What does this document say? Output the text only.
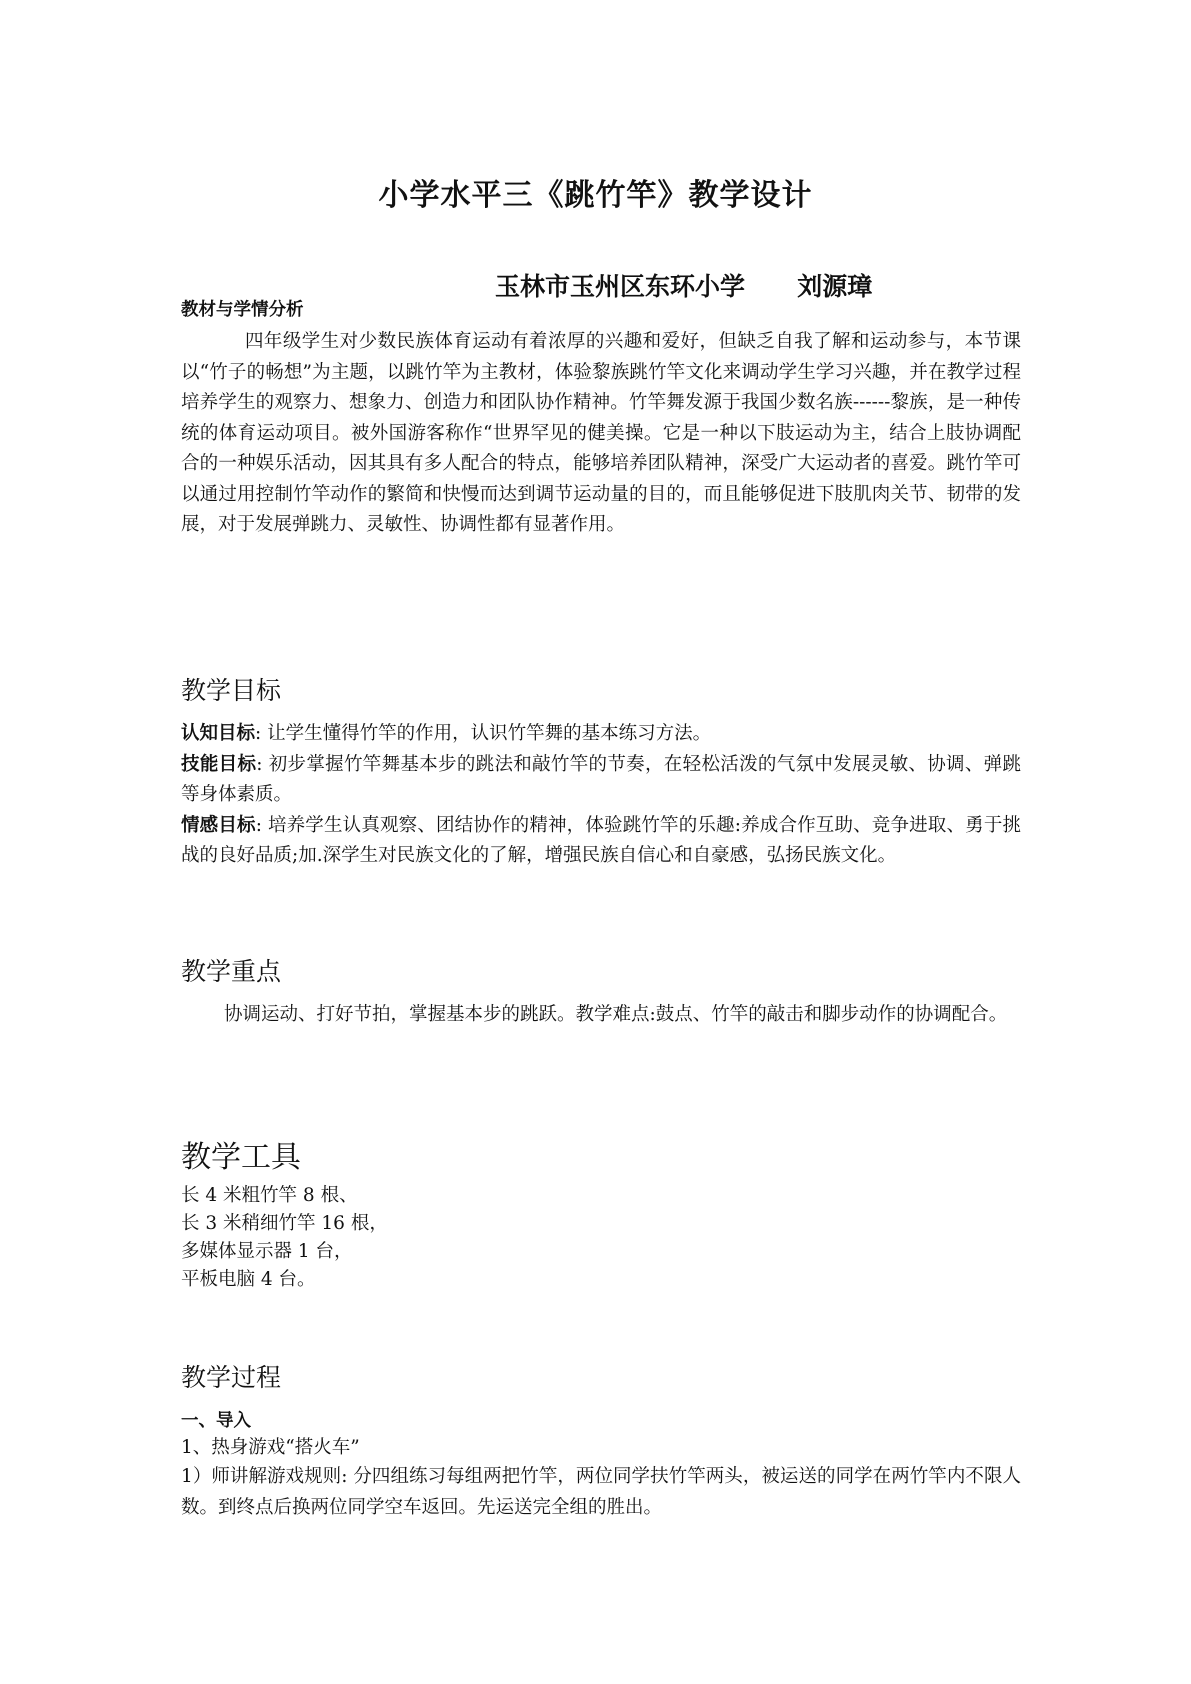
小学水平三《跳竹竿》教学设计
玉林市玉州区东环小学      刘源璋
教材与学情分析
四年级学生对少数民族体育运动有着浓厚的兴趣和爱好，但缺乏自我了解和运动参与，本节课 以“竹子的畅想”为主题，以跳竹竿为主教材，体验黎族跳竹竿文化来调动学生学习兴趣，并在教学过程培养学生的观察力、想象力、创造力和团队协作精神。竹竿舞发源于我国少数名族------黎族，是一种传统的体育运动项目。被外国游客称作“世界罕见的健美操。它是一种以下肢运动为主，结合上肢协调配合的一种娱乐活动，因其具有多人配合的特点，能够培养团队精神，深受广大运动者的喜爱。跳竹竿可以通过用控制竹竿动作的繁简和快慢而达到调节运动量的目的，而且能够促进下肢肌肉关节、韧带的发展，对于发展弹跳力、灵敏性、协调性都有显著作用。
教学目标
认知目标: 让学生懂得竹竿的作用，认识竹竿舞的基本练习方法。
技能目标: 初步掌握竹竿舞基本步的跳法和敲竹竿的节奏，在轻松活泼的气氛中发展灵敏、协调、弹跳等身体素质。
情感目标: 培养学生认真观察、团结协作的精神，体验跳竹竿的乐趣:养成合作互助、竞争进取、勇于挑战的良好品质;加.深学生对民族文化的了解，增强民族自信心和自豪感，弘扬民族文化。
教学重点
协调运动、打好节拍，掌握基本步的跳跃。教学难点:鼓点、竹竿的敲击和脚步动作的协调配合。
教学工具
长 4 米粗竹竿 8 根、
长 3 米稍细竹竿 16 根，
多媒体显示器 1 台，
平板电脑 4 台。
教学过程
一、导入
1、热身游戏“搭火车”
1）师讲解游戏规则: 分四组练习每组两把竹竿，两位同学扶竹竿两头，被运送的同学在两竹竿内不限人数。到终点后换两位同学空车返回。先运送完全组的胜出。
